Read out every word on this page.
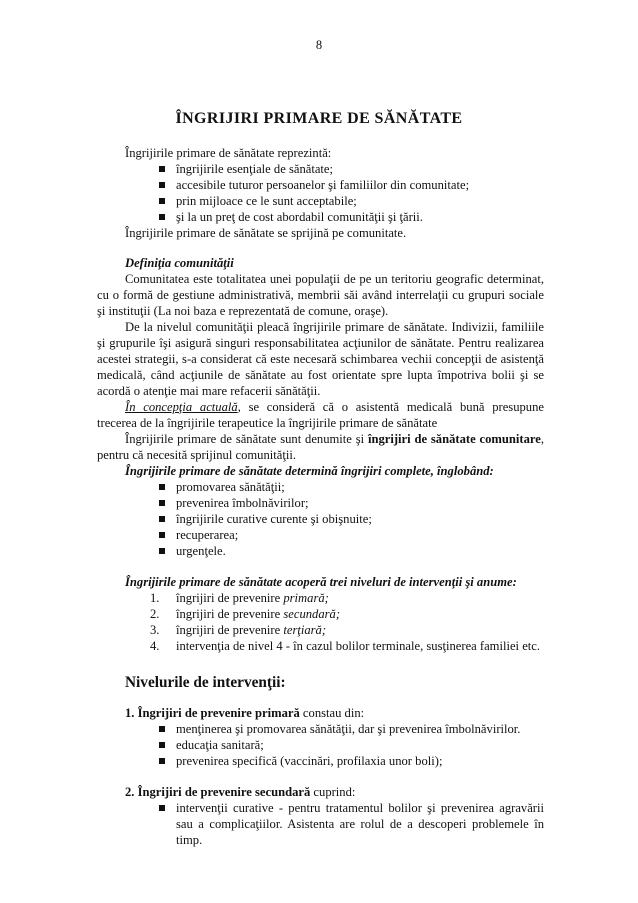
8
ÎNGRIJIRI PRIMARE DE SĂNĂTATE
Îngrijirile primare de sănătate reprezintă:
îngrijirile esenţiale de sănătate;
accesibile tuturor persoanelor şi familiilor din comunitate;
prin mijloace ce le sunt acceptabile;
şi la un preţ de cost abordabil comunităţii şi ţării.
Îngrijirile primare de sănătate se sprijină pe comunitate.
Definiţia comunităţii
Comunitatea este totalitatea unei populaţii de pe un teritoriu geografic determinat,
cu o formă de gestiune administrativă, membrii săi având interrelaţii cu grupuri sociale
şi instituţii (La noi baza e reprezentată de comune, oraşe).
De la nivelul comunităţii pleacă îngrijirile primare de sănătate. Indivizii, familiile
şi grupurile îşi asigură singuri responsabilitatea acţiunilor de sănătate. Pentru realizarea
acestei strategii, s-a considerat că este necesară schimbarea vechii concepţii de asistenţă
medicală, când acţiunile de sănătate au fost orientate spre lupta împotriva bolii şi se
acordă o atenţie mai mare refacerii sănătăţii.
În concepţia actuală, se consideră că o asistentă medicală bună presupune
trecerea de la îngrijirile terapeutice la îngrijirile primare de sănătate
Îngrijirile primare de sănătate sunt denumite şi îngrijiri de sănătate comunitare,
pentru că necesită sprijinul comunităţii.
Îngrijirile primare de sănătate determină îngrijiri complete, înglobând:
promovarea sănătăţii;
prevenirea îmbolnăvirilor;
îngrijirile curative curente şi obişnuite;
recuperarea;
urgenţele.
Îngrijirile primare de sănătate acoperă trei niveluri de intervenţii şi anume:
1. îngrijiri de prevenire primară;
2. îngrijiri de prevenire secundară;
3. îngrijiri de prevenire terţiară;
4. intervenţia de nivel 4 - în cazul bolilor terminale, susţinerea familiei etc.
Nivelurile de intervenţii:
1. Îngrijiri de prevenire primară constau din:
menţinerea şi promovarea sănătăţii, dar şi prevenirea îmbolnăvirilor.
educaţia sanitară;
prevenirea specifică (vaccinări, profilaxia unor boli);
2. Îngrijiri de prevenire secundară cuprind:
intervenţii curative - pentru tratamentul bolilor şi prevenirea agravării
sau a complicaţiilor. Asistenta are rolul de a descoperi problemele în
timp.
